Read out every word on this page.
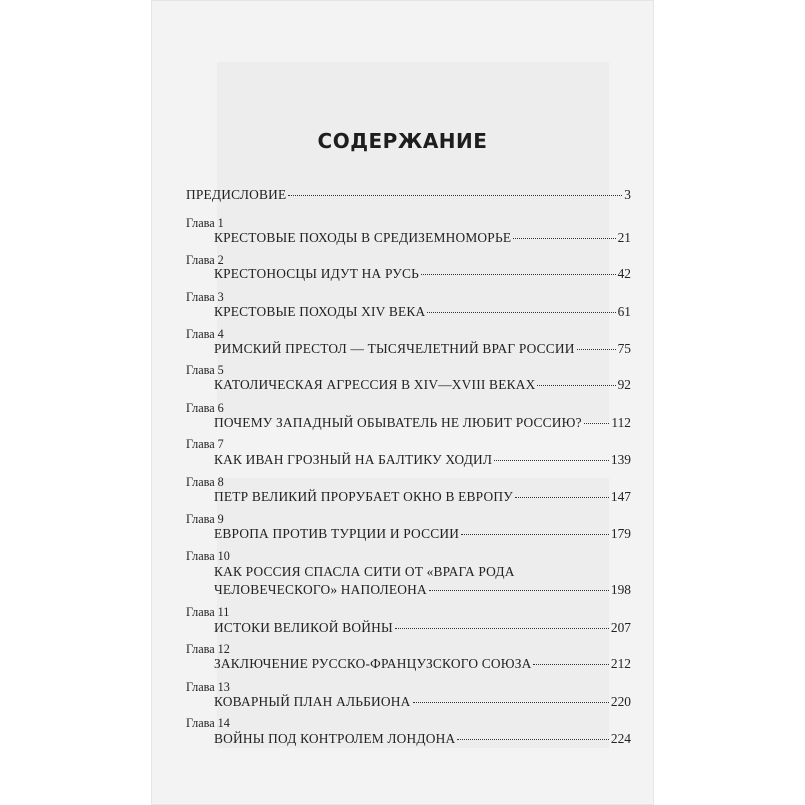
СОДЕРЖАНИЕ
ПРЕДИСЛОВИЕ	3
Глава 1
КРЕСТОВЫЕ ПОХОДЫ В СРЕДИЗЕМНОМОРЬЕ	21
Глава 2
КРЕСТОНОСЦЫ ИДУТ НА РУСЬ	42
Глава 3
КРЕСТОВЫЕ ПОХОДЫ XIV ВЕКА	61
Глава 4
РИМСКИЙ ПРЕСТОЛ — ТЫСЯЧЕЛЕТНИЙ ВРАГ РОССИИ	75
Глава 5
КАТОЛИЧЕСКАЯ АГРЕССИЯ В XIV—XVIII ВЕКАХ	92
Глава 6
ПОЧЕМУ ЗАПАДНЫЙ ОБЫВАТЕЛЬ НЕ ЛЮБИТ РОССИЮ? 112
Глава 7
КАК ИВАН ГРОЗНЫЙ НА БАЛТИКУ ХОДИЛ	139
Глава 8
ПЕТР ВЕЛИКИЙ ПРОРУБАЕТ ОКНО В ЕВРОПУ	147
Глава 9
ЕВРОПА ПРОТИВ ТУРЦИИ И РОССИИ	179
Глава 10
КАК РОССИЯ СПАСЛА СИТИ ОТ «ВРАГА РОДА
ЧЕЛОВЕЧЕСКОГО» НАПОЛЕОНА	198
Глава 11
ИСТОКИ ВЕЛИКОЙ ВОЙНЫ	207
Глава 12
ЗАКЛЮЧЕНИЕ РУССКО-ФРАНЦУЗСКОГО СОЮЗА	212
Глава 13
КОВАРНЫЙ ПЛАН АЛЬБИОНА	220
Глава 14
ВОЙНЫ ПОД КОНТРОЛЕМ ЛОНДОНА	224
